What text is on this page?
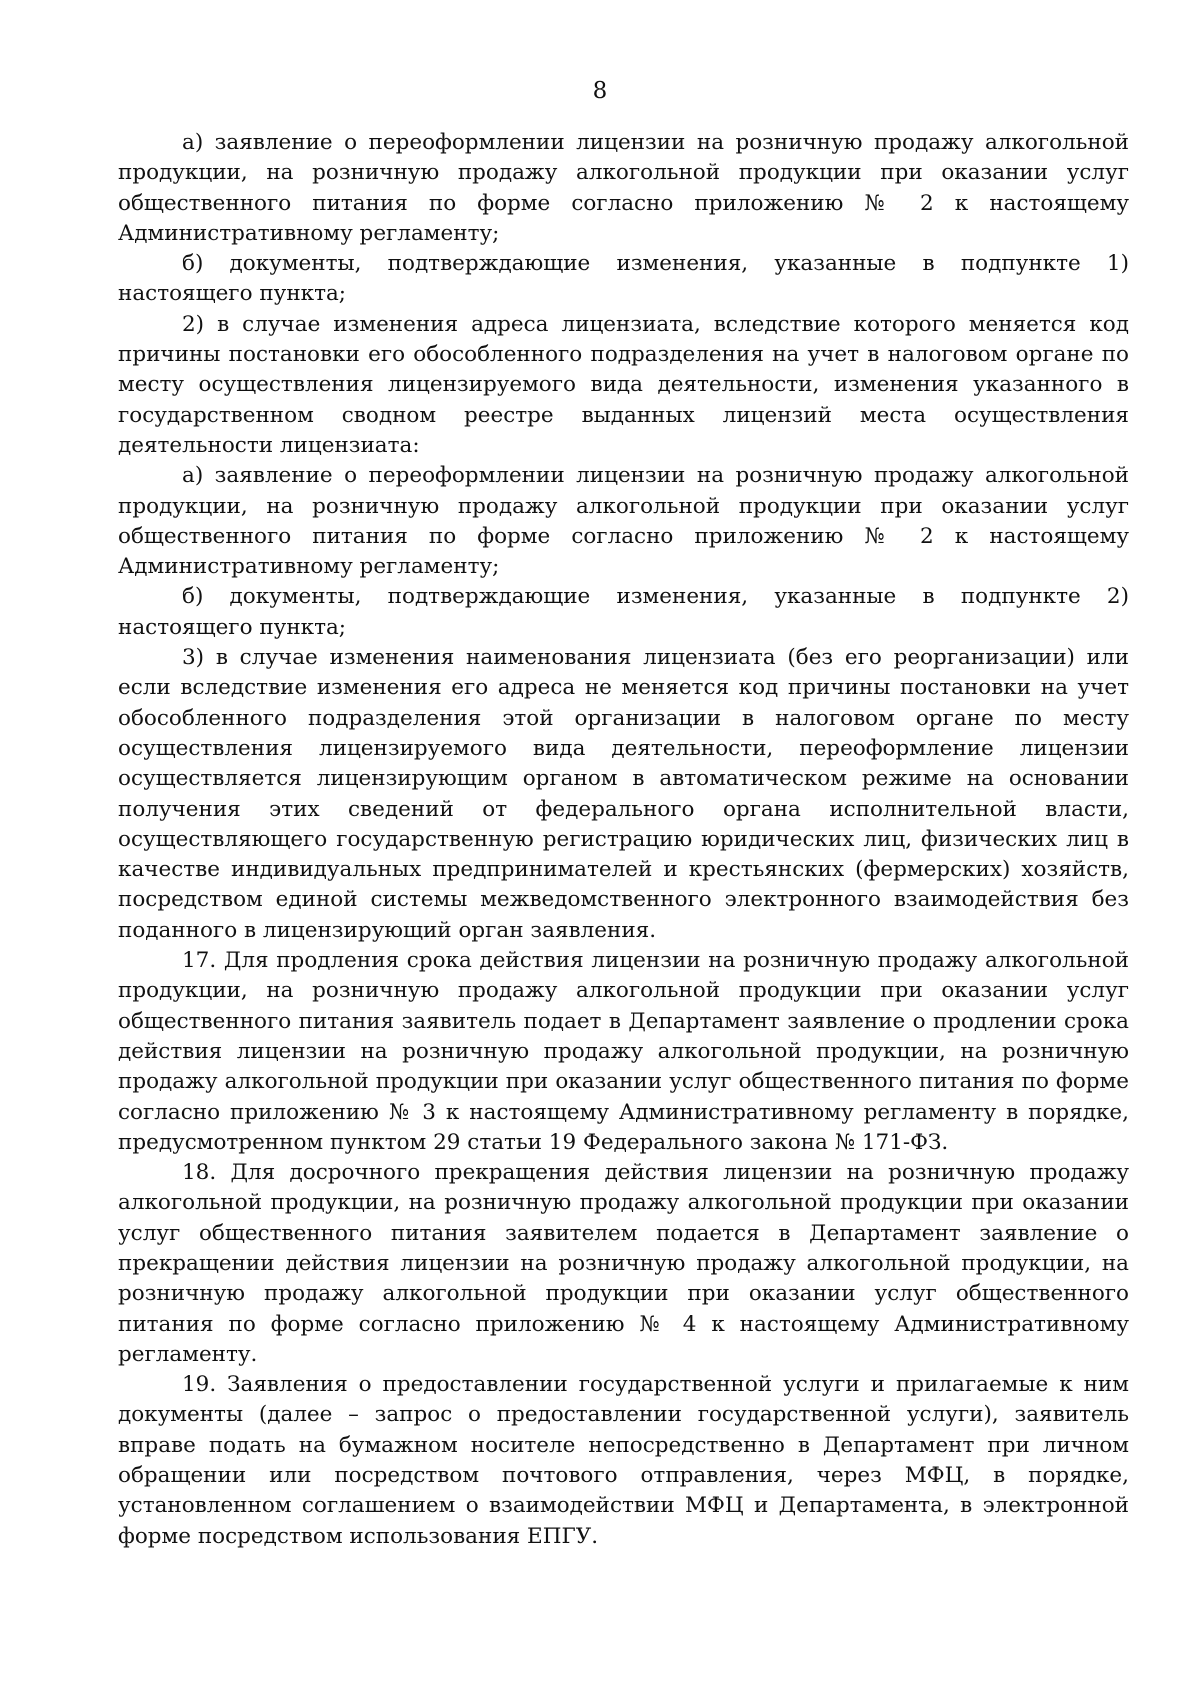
8

а) заявление о переоформлении лицензии на розничную продажу алкогольной продукции, на розничную продажу алкогольной продукции при оказании услуг общественного питания по форме согласно приложению № 2 к настоящему Административному регламенту;

б) документы, подтверждающие изменения, указанные в подпункте 1) настоящего пункта;

2) в случае изменения адреса лицензиата, вследствие которого меняется код причины постановки его обособленного подразделения на учет в налоговом органе по месту осуществления лицензируемого вида деятельности, изменения указанного в государственном сводном реестре выданных лицензий места осуществления деятельности лицензиата:

а) заявление о переоформлении лицензии на розничную продажу алкогольной продукции, на розничную продажу алкогольной продукции при оказании услуг общественного питания по форме согласно приложению № 2 к настоящему Административному регламенту;

б) документы, подтверждающие изменения, указанные в подпункте 2) настоящего пункта;

3) в случае изменения наименования лицензиата (без его реорганизации) или если вследствие изменения его адреса не меняется код причины постановки на учет обособленного подразделения этой организации в налоговом органе по месту осуществления лицензируемого вида деятельности, переоформление лицензии осуществляется лицензирующим органом в автоматическом режиме на основании получения этих сведений от федерального органа исполнительной власти, осуществляющего государственную регистрацию юридических лиц, физических лиц в качестве индивидуальных предпринимателей и крестьянских (фермерских) хозяйств, посредством единой системы межведомственного электронного взаимодействия без поданного в лицензирующий орган заявления.

17. Для продления срока действия лицензии на розничную продажу алкогольной продукции, на розничную продажу алкогольной продукции при оказании услуг общественного питания заявитель подает в Департамент заявление о продлении срока действия лицензии на розничную продажу алкогольной продукции, на розничную продажу алкогольной продукции при оказании услуг общественного питания по форме согласно приложению № 3 к настоящему Административному регламенту в порядке, предусмотренном пунктом 29 статьи 19 Федерального закона № 171-ФЗ.

18. Для досрочного прекращения действия лицензии на розничную продажу алкогольной продукции, на розничную продажу алкогольной продукции при оказании услуг общественного питания заявителем подается в Департамент заявление о прекращении действия лицензии на розничную продажу алкогольной продукции, на розничную продажу алкогольной продукции при оказании услуг общественного питания по форме согласно приложению № 4 к настоящему Административному регламенту.

19. Заявления о предоставлении государственной услуги и прилагаемые к ним документы (далее – запрос о предоставлении государственной услуги), заявитель вправе подать на бумажном носителе непосредственно в Департамент при личном обращении или посредством почтового отправления, через МФЦ, в порядке, установленном соглашением о взаимодействии МФЦ и Департамента, в электронной форме посредством использования ЕПГУ.
